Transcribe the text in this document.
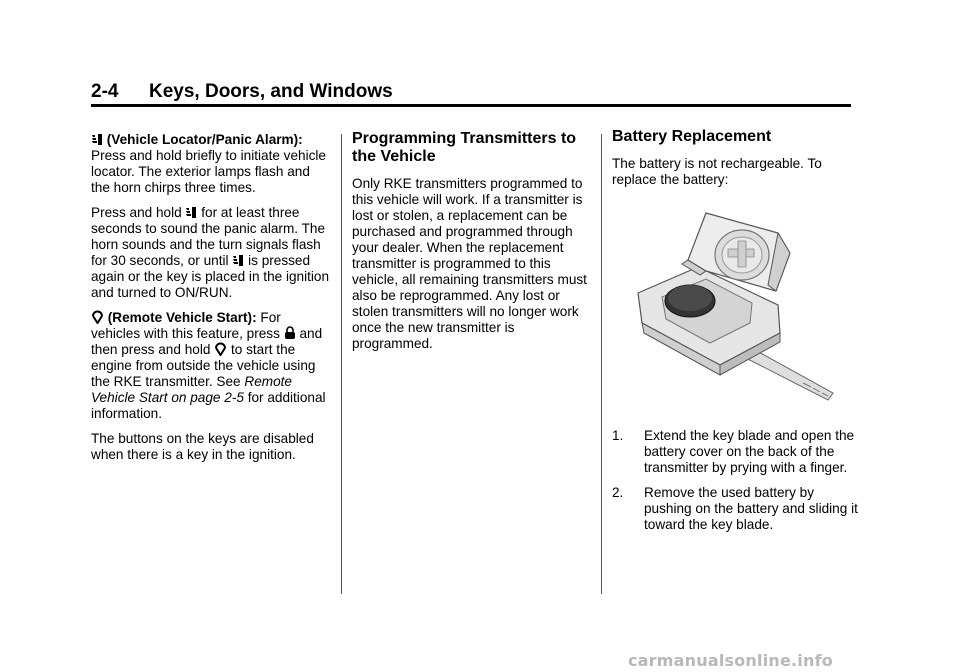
2-4 Keys, Doors, and Windows

(Vehicle Locator/Panic Alarm): Press and hold briefly to initiate vehicle locator. The exterior lamps flash and the horn chirps three times.

Press and hold for at least three seconds to sound the panic alarm. The horn sounds and the turn signals flash for 30 seconds, or until is pressed again or the key is placed in the ignition and turned to ON/RUN.

(Remote Vehicle Start): For vehicles with this feature, press and then press and hold to start the engine from outside the vehicle using the RKE transmitter. See Remote Vehicle Start on page 2-5 for additional information.

The buttons on the keys are disabled when there is a key in the ignition.

Programming Transmitters to the Vehicle

Only RKE transmitters programmed to this vehicle will work. If a transmitter is lost or stolen, a replacement can be purchased and programmed through your dealer. When the replacement transmitter is programmed to this vehicle, all remaining transmitters must also be reprogrammed. Any lost or stolen transmitters will no longer work once the new transmitter is programmed.

Battery Replacement

The battery is not rechargeable. To replace the battery:

1. Extend the key blade and open the battery cover on the back of the transmitter by prying with a finger.
2. Remove the used battery by pushing on the battery and sliding it toward the key blade.
carmanualsonline.info
